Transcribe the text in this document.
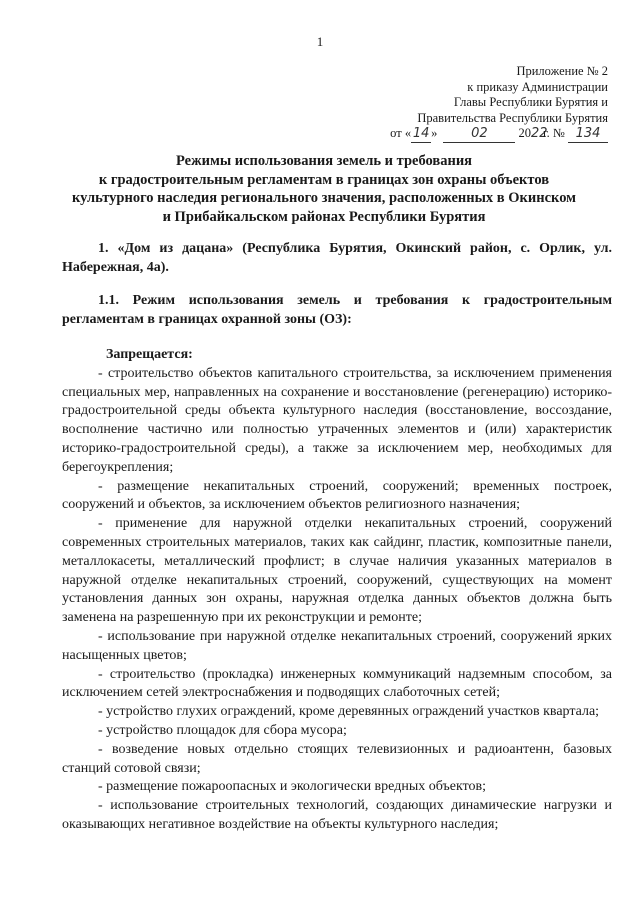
1
Приложение № 2
к приказу Администрации
Главы Республики Бурятия и
Правительства Республики Бурятия
от « 14 »	02 2022г. № 134
Режимы использования земель и требования
к градостроительным регламентам в границах зон охраны объектов
культурного наследия регионального значения, расположенных в Окинском
и Прибайкальском районах Республики Бурятия
1. «Дом из дацана» (Республика Бурятия, Окинский район, с. Орлик, ул. Набережная, 4а).
1.1. Режим использования земель и требования к градостроительным регламентам в границах охранной зоны (ОЗ):
Запрещается:

- строительство объектов капитального строительства, за исключением применения специальных мер, направленных на сохранение и восстановление (регенерацию) историко-градостроительной среды объекта культурного наследия (восстановление, воссоздание, восполнение частично или полностью утраченных элементов и (или) характеристик историко-градостроительной среды), а также за исключением мер, необходимых для берегоукрепления;

- размещение некапитальных строений, сооружений; временных построек, сооружений и объектов, за исключением объектов религиозного назначения;

- применение для наружной отделки некапитальных строений, сооружений современных строительных материалов, таких как сайдинг, пластик, композитные панели, металлокасеты, металлический профлист; в случае наличия указанных материалов в наружной отделке некапитальных строений, сооружений, существующих на момент установления данных зон охраны, наружная отделка данных объектов должна быть заменена на разрешенную при их реконструкции и ремонте;

- использование при наружной отделке некапитальных строений, сооружений ярких насыщенных цветов;

- строительство (прокладка) инженерных коммуникаций надземным способом, за исключением сетей электроснабжения и подводящих слаботочных сетей;

- устройство глухих ограждений, кроме деревянных ограждений участков квартала;

- устройство площадок для сбора мусора;

- возведение новых отдельно стоящих телевизионных и радиоантенн, базовых станций сотовой связи;

- размещение пожароопасных и экологически вредных объектов;

- использование строительных технологий, создающих динамические нагрузки и оказывающих негативное воздействие на объекты культурного наследия;
